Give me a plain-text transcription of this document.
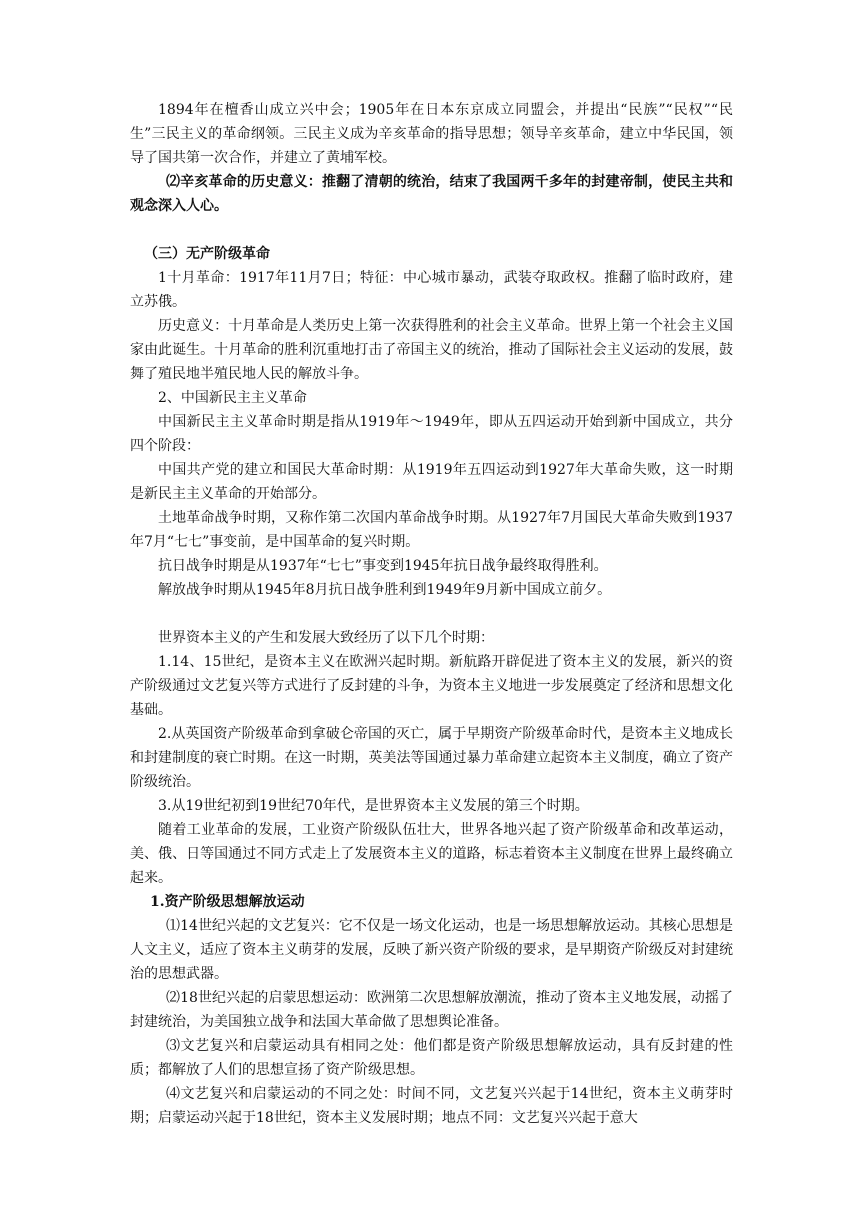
1894年在檀香山成立兴中会；1905年在日本东京成立同盟会，并提出“民族”“民权”“民生”三民主义的革命纲领。三民主义成为辛亥革命的指导思想；领导辛亥革命，建立中华民国，领导了国共第一次合作，并建立了黄埔军校。

⑵辛亥革命的历史意义：推翻了清朝的统治，结束了我国两千多年的封建帝制，使民主共和观念深入人心。

（三）无产阶级革命

1十月革命：1917年11月7日；特征：中心城市暴动，武装夺取政权。推翻了临时政府，建立苏俄。

历史意义：十月革命是人类历史上第一次获得胜利的社会主义革命。世界上第一个社会主义国家由此诞生。十月革命的胜利沉重地打击了帝国主义的统治，推动了国际社会主义运动的发展，鼓舞了殖民地半殖民地人民的解放斗争。

2、中国新民主主义革命

中国新民主主义革命时期是指从1919年～1949年，即从五四运动开始到新中国成立，共分四个阶段：

中国共产党的建立和国民大革命时期：从1919年五四运动到1927年大革命失败，这一时期是新民主主义革命的开始部分。

土地革命战争时期，又称作第二次国内革命战争时期。从1927年7月国民大革命失败到1937年7月“七七”事变前，是中国革命的复兴时期。

抗日战争时期是从1937年“七七”事变到1945年抗日战争最终取得胜利。

解放战争时期从1945年8月抗日战争胜利到1949年9月新中国成立前夕。

世界资本主义的产生和发展大致经历了以下几个时期：

1.14、15世纪，是资本主义在欧洲兴起时期。新航路开辟促进了资本主义的发展，新兴的资产阶级通过文艺复兴等方式进行了反封建的斗争，为资本主义地进一步发展奠定了经济和思想文化基础。

2.从英国资产阶级革命到拿破仑帝国的灭亡，属于早期资产阶级革命时代，是资本主义地成长和封建制度的衰亡时期。在这一时期，英美法等国通过暴力革命建立起资本主义制度，确立了资产阶级统治。

3.从19世纪初到19世纪70年代，是世界资本主义发展的第三个时期。

随着工业革命的发展，工业资产阶级队伍壮大，世界各地兴起了资产阶级革命和改革运动，美、俄、日等国通过不同方式走上了发展资本主义的道路，标志着资本主义制度在世界上最终确立起来。

1.资产阶级思想解放运动

⑴14世纪兴起的文艺复兴：它不仅是一场文化运动，也是一场思想解放运动。其核心思想是人文主义，适应了资本主义萌芽的发展，反映了新兴资产阶级的要求，是早期资产阶级反对封建统治的思想武器。

⑵18世纪兴起的启蒙思想运动：欧洲第二次思想解放潮流，推动了资本主义地发展，动摇了封建统治，为美国独立战争和法国大革命做了思想舆论准备。

⑶文艺复兴和启蒙运动具有相同之处：他们都是资产阶级思想解放运动，具有反封建的性质；都解放了人们的思想宣扬了资产阶级思想。

⑷文艺复兴和启蒙运动的不同之处：时间不同，文艺复兴兴起于14世纪，资本主义萌芽时期；启蒙运动兴起于18世纪，资本主义发展时期；地点不同：文艺复兴兴起于意大
